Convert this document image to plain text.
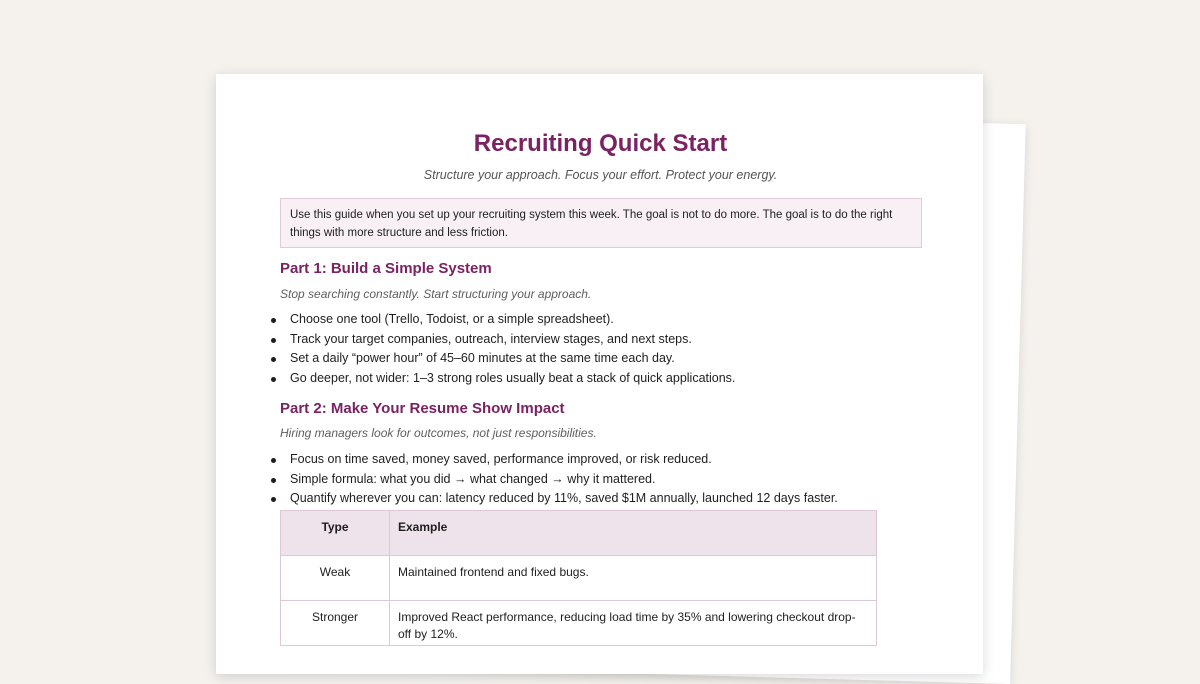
Recruiting Quick Start

Structure your approach. Focus your effort. Protect your energy.

Use this guide when you set up your recruiting system this week. The goal is not to do more. The goal is to do the right things with more structure and less friction.
Part 1: Build a Simple System

Stop searching constantly. Start structuring your approach.

Choose one tool (Trello, Todoist, or a simple spreadsheet).
Track your target companies, outreach, interview stages, and next steps.
Set a daily “power hour” of 45–60 minutes at the same time each day.
Go deeper, not wider: 1–3 strong roles usually beat a stack of quick applications.
Part 2: Make Your Resume Show Impact

Hiring managers look for outcomes, not just responsibilities.

Focus on time saved, money saved, performance improved, or risk reduced.
Simple formula: what you did → what changed → why it mattered.
Quantify wherever you can: latency reduced by 11%, saved $1M annually, launched 12 days faster.
Type	Example
Weak	Maintained frontend and fixed bugs.
Stronger	Improved React performance, reducing load time by 35% and lowering checkout drop-off by 12%.
